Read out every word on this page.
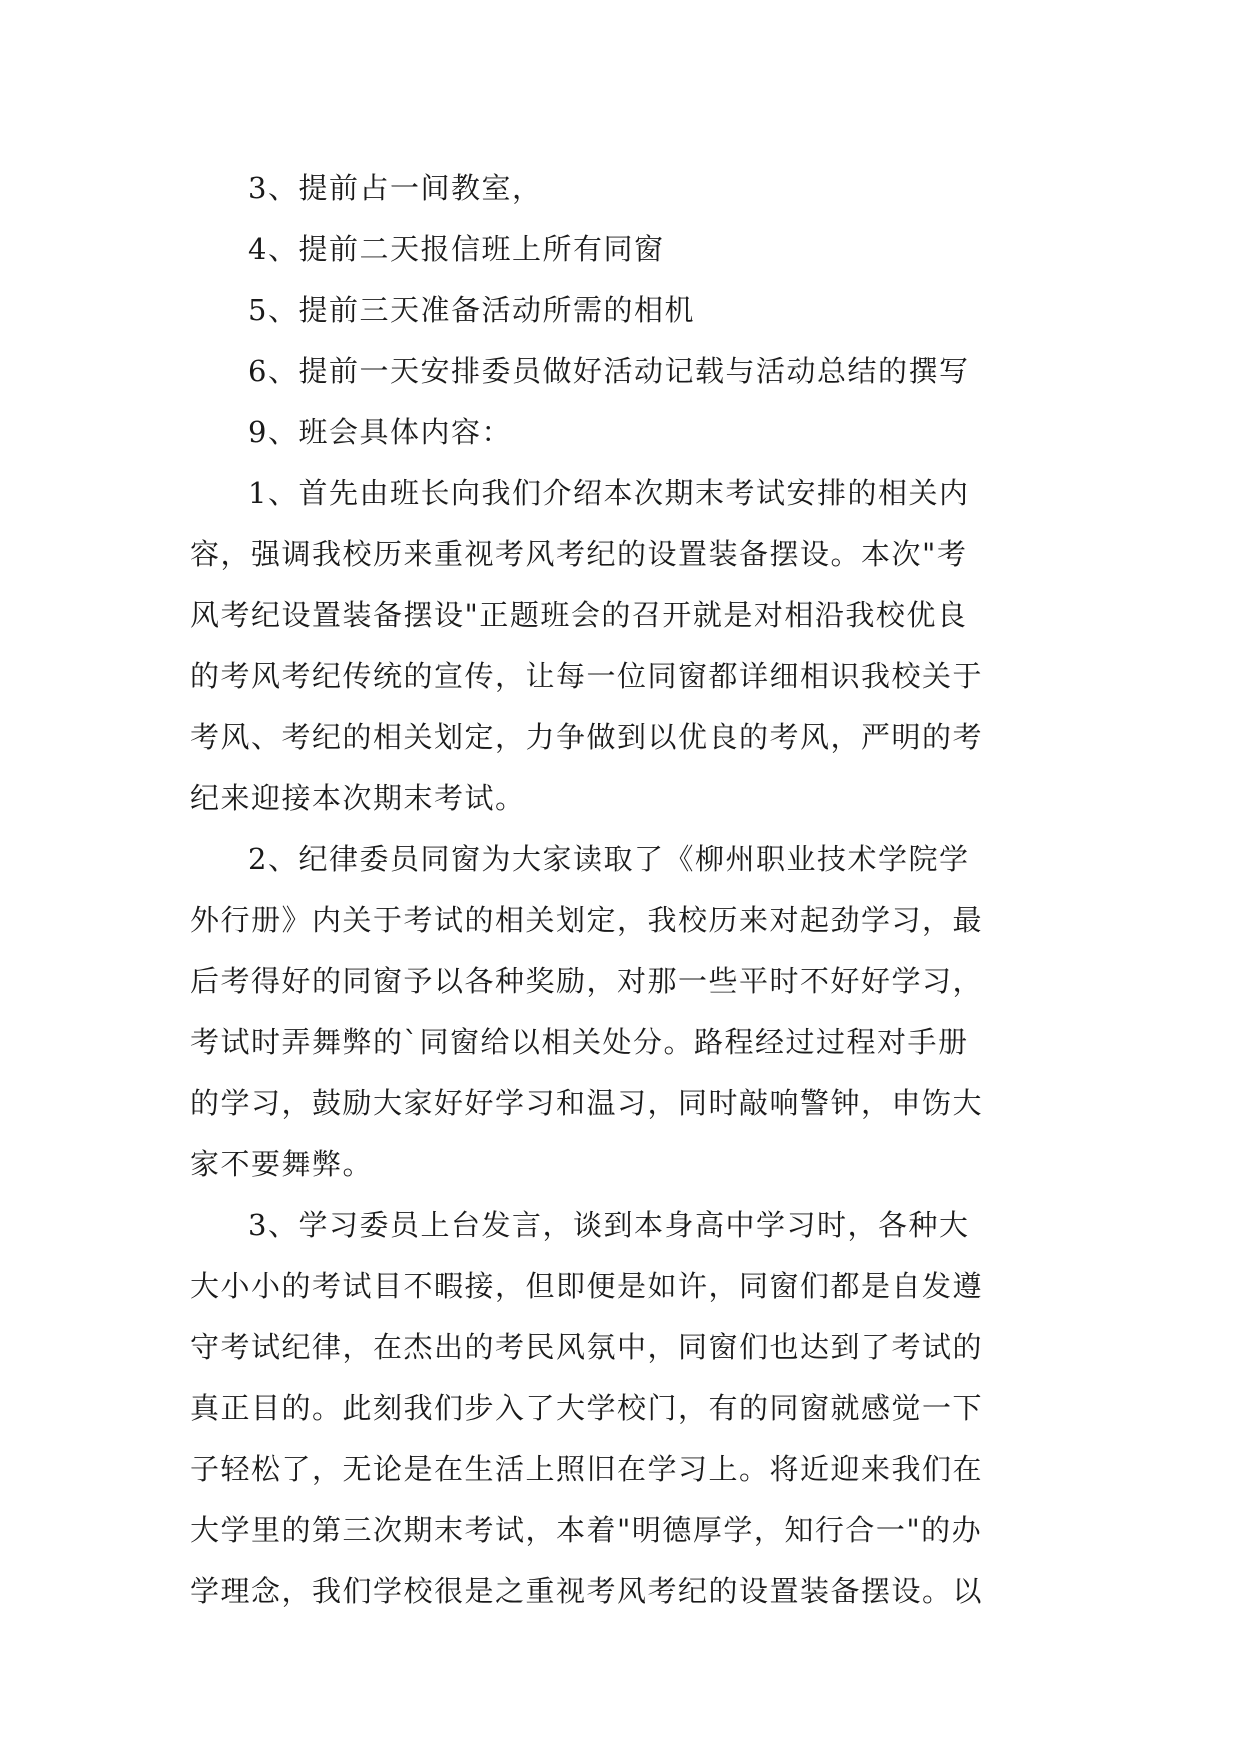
3、提前占一间教室，
4、提前二天报信班上所有同窗
5、提前三天准备活动所需的相机
6、提前一天安排委员做好活动记载与活动总结的撰写
9、班会具体内容：
1、首先由班长向我们介绍本次期末考试安排的相关内
容，强调我校历来重视考风考纪的设置装备摆设。本次"考
风考纪设置装备摆设"正题班会的召开就是对相沿我校优良
的考风考纪传统的宣传，让每一位同窗都详细相识我校关于
考风、考纪的相关划定，力争做到以优良的考风，严明的考
纪来迎接本次期末考试。
2、纪律委员同窗为大家读取了《柳州职业技术学院学
外行册》内关于考试的相关划定，我校历来对起劲学习，最
后考得好的同窗予以各种奖励，对那一些平时不好好学习，
考试时弄舞弊的`同窗给以相关处分。路程经过过程对手册
的学习，鼓励大家好好学习和温习，同时敲响警钟，申饬大
家不要舞弊。
3、学习委员上台发言，谈到本身高中学习时，各种大
大小小的考试目不暇接，但即便是如许，同窗们都是自发遵
守考试纪律，在杰出的考民风氛中，同窗们也达到了考试的
真正目的。此刻我们步入了大学校门，有的同窗就感觉一下
子轻松了，无论是在生活上照旧在学习上。将近迎来我们在
大学里的第三次期末考试，本着"明德厚学，知行合一"的办
学理念，我们学校很是之重视考风考纪的设置装备摆设。以
